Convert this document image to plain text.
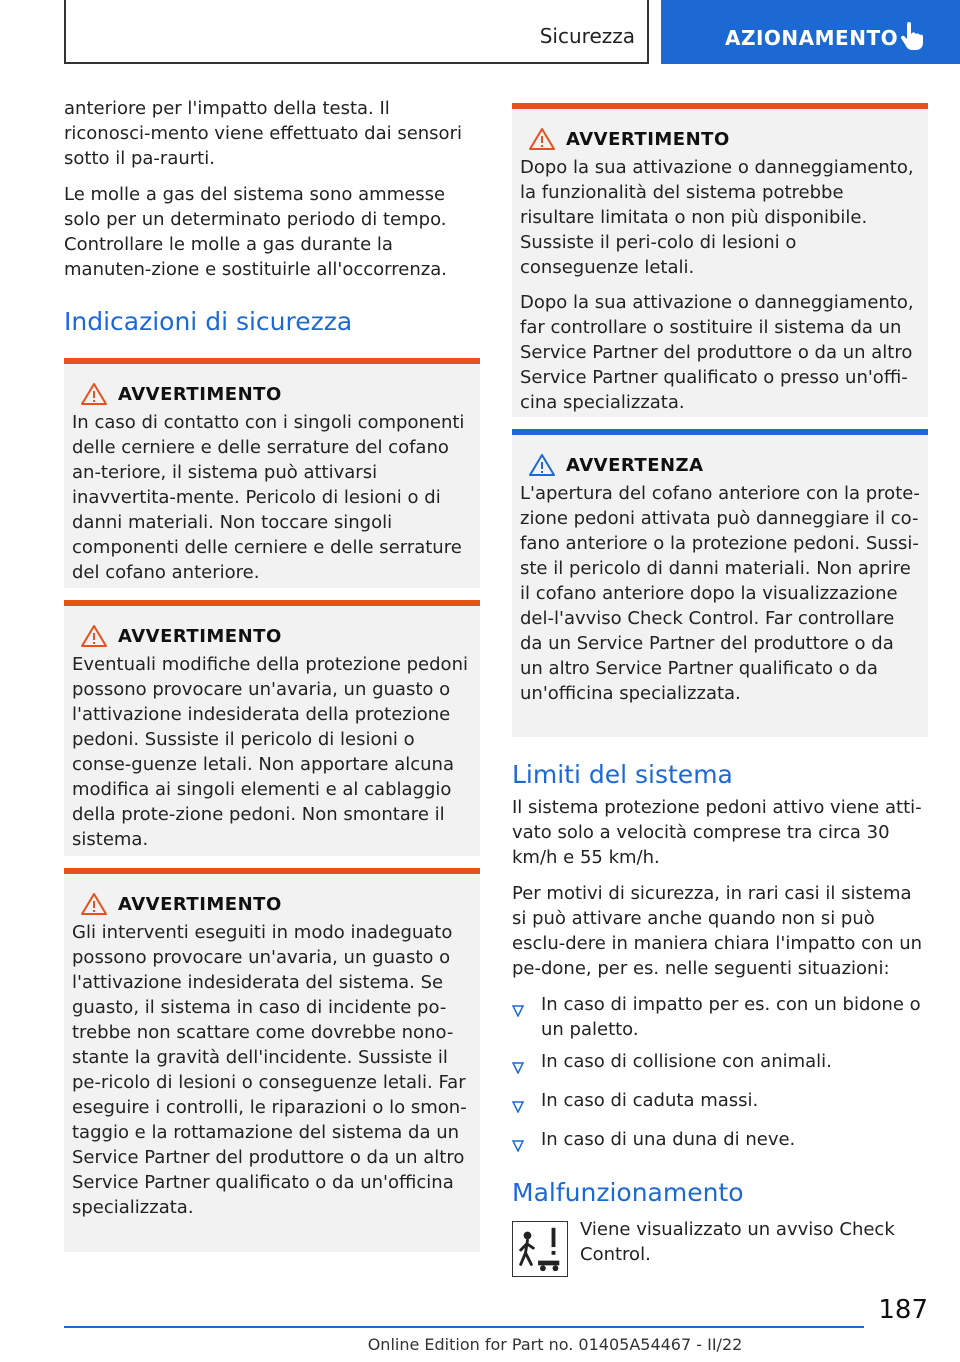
Sicurezza	AZIONAMENTO

anteriore per l'impatto della testa. Il riconosci-mento viene effettuato dai sensori sotto il pa-raurti.

Le molle a gas del sistema sono ammesse solo per un determinato periodo di tempo. Controllare le molle a gas durante la manuten-zione e sostituirle all'occorrenza.

Indicazioni di sicurezza
AVVERTIMENTO

In caso di contatto con i singoli componenti delle cerniere e delle serrature del cofano an-teriore, il sistema può attivarsi inavvertita-mente. Pericolo di lesioni o di danni materiali. Non toccare singoli componenti delle cerniere e delle serrature del cofano anteriore.

AVVERTIMENTO

Eventuali modifiche della protezione pedoni possono provocare un'avaria, un guasto o l'attivazione indesiderata della protezione pedoni. Sussiste il pericolo di lesioni o conse-guenze letali. Non apportare alcuna modifica ai singoli elementi e al cablaggio della prote-zione pedoni. Non smontare il sistema.

AVVERTIMENTO

Gli interventi eseguiti in modo inadeguato possono provocare un'avaria, un guasto o l'attivazione indesiderata del sistema. Se guasto, il sistema in caso di incidente po-trebbe non scattare come dovrebbe nono-stante la gravità dell'incidente. Sussiste il pe-ricolo di lesioni o conseguenze letali. Far eseguire i controlli, le riparazioni o lo smon-taggio e la rottamazione del sistema da un Service Partner del produttore o da un altro Service Partner qualificato o da un'officina specializzata.

AVVERTIMENTO

Dopo la sua attivazione o danneggiamento, la funzionalità del sistema potrebbe risultare limitata o non più disponibile. Sussiste il peri-colo di lesioni o conseguenze letali.

Dopo la sua attivazione o danneggiamento, far controllare o sostituire il sistema da un Service Partner del produttore o da un altro Service Partner qualificato o presso un'offi-cina specializzata.

AVVERTENZA

L'apertura del cofano anteriore con la prote-zione pedoni attivata può danneggiare il co-fano anteriore o la protezione pedoni. Sussi-ste il pericolo di danni materiali. Non aprire il cofano anteriore dopo la visualizzazione del-l'avviso Check Control. Far controllare da un Service Partner del produttore o da un altro Service Partner qualificato o da un'officina specializzata.

Limiti del sistema

Il sistema protezione pedoni attivo viene atti-vato solo a velocità comprese tra circa 30 km/h e 55 km/h.

Per motivi di sicurezza, in rari casi il sistema si può attivare anche quando non si può esclu-dere in maniera chiara l'impatto con un pe-done, per es. nelle seguenti situazioni:

In caso di impatto per es. con un bidone o un paletto.
In caso di collisione con animali.
In caso di caduta massi.
In caso di una duna di neve.
Malfunzionamento

Viene visualizzato un avviso Check Control.

187
Online Edition for Part no. 01405A54467 - II/22
